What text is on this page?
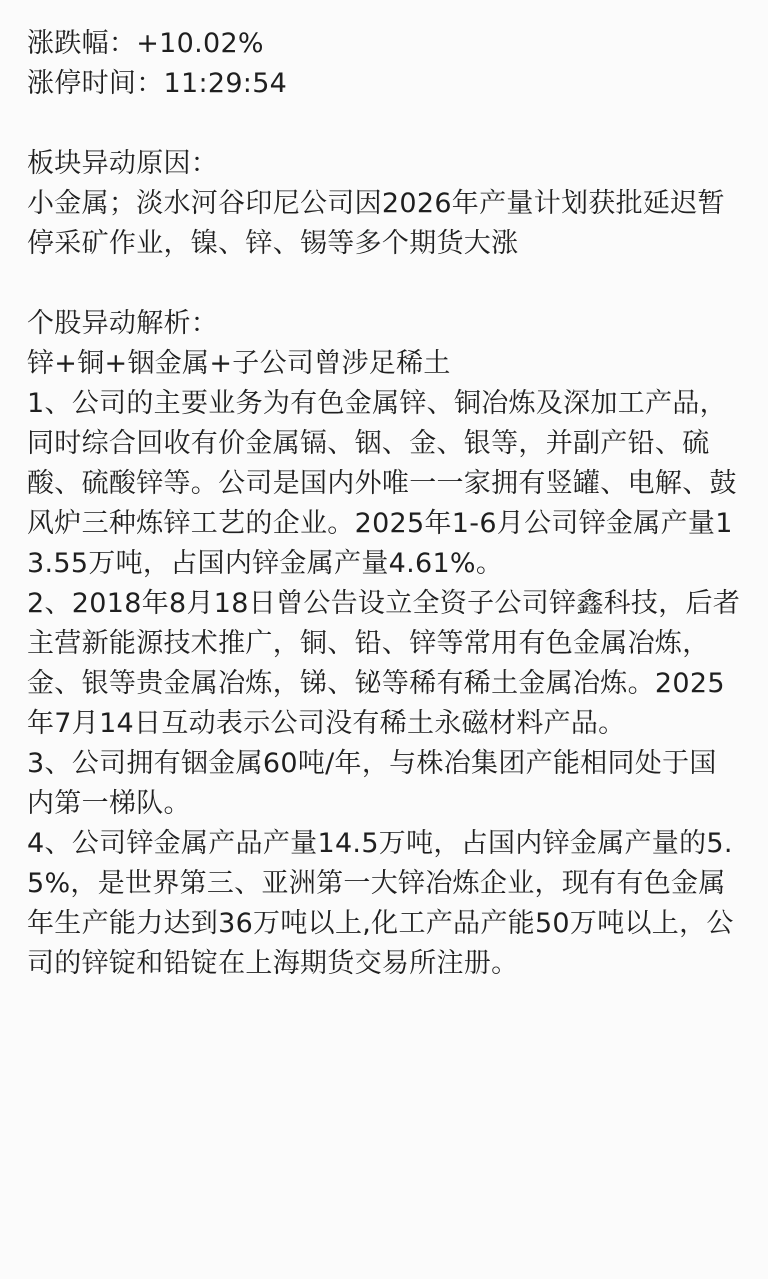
涨跌幅：+10.02%

涨停时间：11:29:54

板块异动原因：

小金属；淡水河谷印尼公司因2026年产量计划获批延迟暂停采矿作业，镍、锌、锡等多个期货大涨

个股异动解析：

锌+铜+铟金属+子公司曾涉足稀土

1、公司的主要业务为有色金属锌、铜冶炼及深加工产品，同时综合回收有价金属镉、铟、金、银等，并副产铅、硫酸、硫酸锌等。公司是国内外唯一一家拥有竖罐、电解、鼓风炉三种炼锌工艺的企业。2025年1-6月公司锌金属产量13.55万吨，占国内锌金属产量4.61%。

2、2018年8月18日曾公告设立全资子公司锌鑫科技，后者主营新能源技术推广，铜、铅、锌等常用有色金属冶炼，金、银等贵金属冶炼，锑、铋等稀有稀土金属冶炼。2025年7月14日互动表示公司没有稀土永磁材料产品。

3、公司拥有铟金属60吨/年，与株冶集团产能相同处于国内第一梯队。

4、公司锌金属产品产量14.5万吨，占国内锌金属产量的5.5%，是世界第三、亚洲第一大锌冶炼企业，现有有色金属年生产能力达到36万吨以上,化工产品产能50万吨以上，公司的锌锭和铅锭在上海期货交易所注册。
